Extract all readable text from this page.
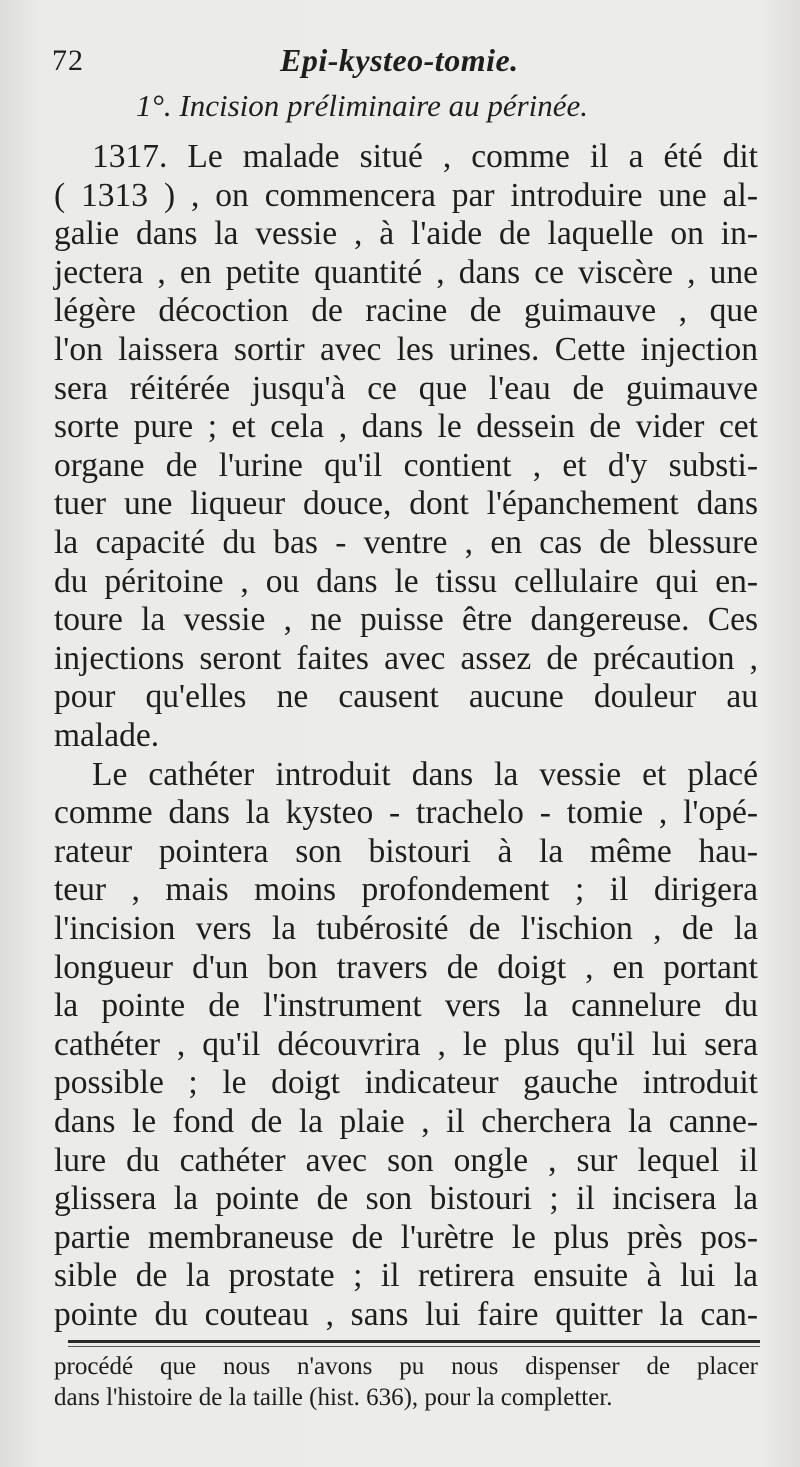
72	Epi-kysteo-tomie.
1°. Incision préliminaire au périnée.
1317. Le malade situé , comme il a été dit
( 1313 ) , on commencera par introduire une al-
galie dans la vessie , à l'aide de laquelle on in-
jectera , en petite quantité , dans ce viscère , une
légère décoction de racine de guimauve , que
l'on laissera sortir avec les urines. Cette injection
sera réitérée jusqu'à ce que l'eau de guimauve
sorte pure ; et cela , dans le dessein de vider cet
organe de l'urine qu'il contient , et d'y substi-
tuer une liqueur douce, dont l'épanchement dans
la capacité du bas - ventre , en cas de blessure
du péritoine , ou dans le tissu cellulaire qui en-
toure la vessie , ne puisse être dangereuse. Ces
injections seront faites avec assez de précaution ,
pour qu'elles ne causent aucune douleur au
malade.
Le cathéter introduit dans la vessie et placé
comme dans la kysteo - trachelo - tomie , l'opé-
rateur pointera son bistouri à la même hau-
teur , mais moins profondement ; il dirigera
l'incision vers la tubérosité de l'ischion , de la
longueur d'un bon travers de doigt , en portant
la pointe de l'instrument vers la cannelure du
cathéter , qu'il découvrira , le plus qu'il lui sera
possible ; le doigt indicateur gauche introduit
dans le fond de la plaie , il cherchera la canne-
lure du cathéter avec son ongle , sur lequel il
glissera la pointe de son bistouri ; il incisera la
partie membraneuse de l'urètre le plus près pos-
sible de la prostate ; il retirera ensuite à lui la
pointe du couteau , sans lui faire quitter la can-
procédé que nous n'avons pu nous dispenser de placer
dans l'histoire de la taille (hist. 636), pour la completter.
